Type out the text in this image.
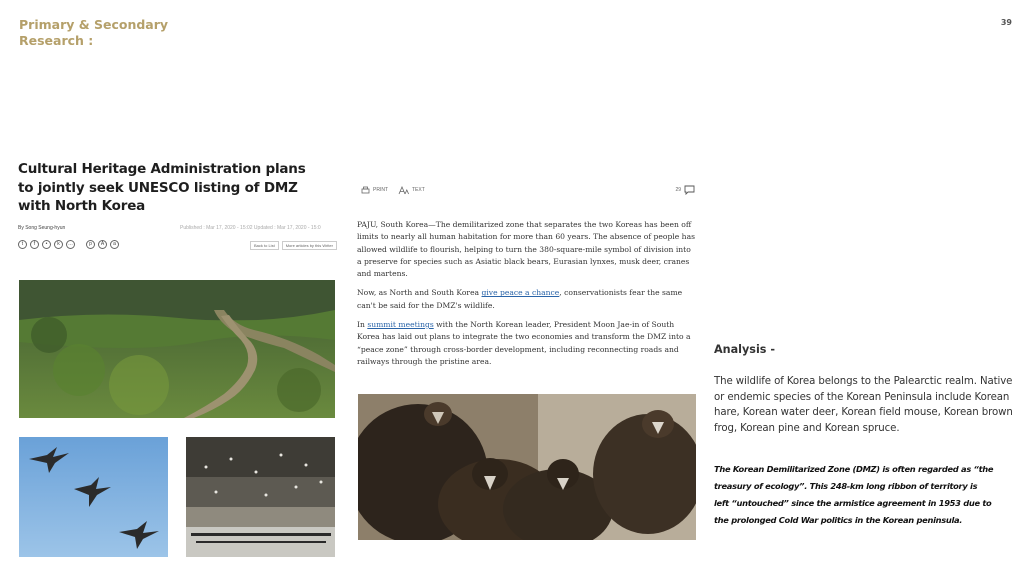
Primary & Secondary Research :
39
Cultural Heritage Administration plans to jointly seek UNESCO listing of DMZ with North Korea
By Song Seung-hyun	Published : Mar 17, 2020 - 15:02 Updated : Mar 17, 2020 - 15:0
t	f	•	k	…	p	A	a	Back to List	More articles by this Writer
PRINT	TEXT	29

PAJU, South Korea—The demilitarized zone that separates the two Koreas has been off limits to nearly all human habitation for more than 60 years. The absence of people has allowed wildlife to flourish, helping to turn the 380-square-mile symbol of division into a preserve for species such as Asiatic black bears, Eurasian lynxes, musk deer, cranes and martens.

Now, as North and South Korea give peace a chance, conservationists fear the same can't be said for the DMZ's wildlife.

In summit meetings with the North Korean leader, President Moon Jae-in of South Korea has laid out plans to integrate the two economies and transform the DMZ into a “peace zone” through cross-border development, including reconnecting roads and railways through the pristine area.

Analysis -
The wildlife of Korea belongs to the Palearctic realm. Native or endemic species of the Korean Peninsula include Korean hare, Korean water deer, Korean field mouse, Korean brown frog, Korean pine and Korean spruce.
The Korean Demilitarized Zone (DMZ) is often regarded as “the treasury of ecology”. This 248-km long ribbon of territory is left “untouched” since the armistice agreement in 1953 due to the prolonged Cold War politics in the Korean peninsula.
